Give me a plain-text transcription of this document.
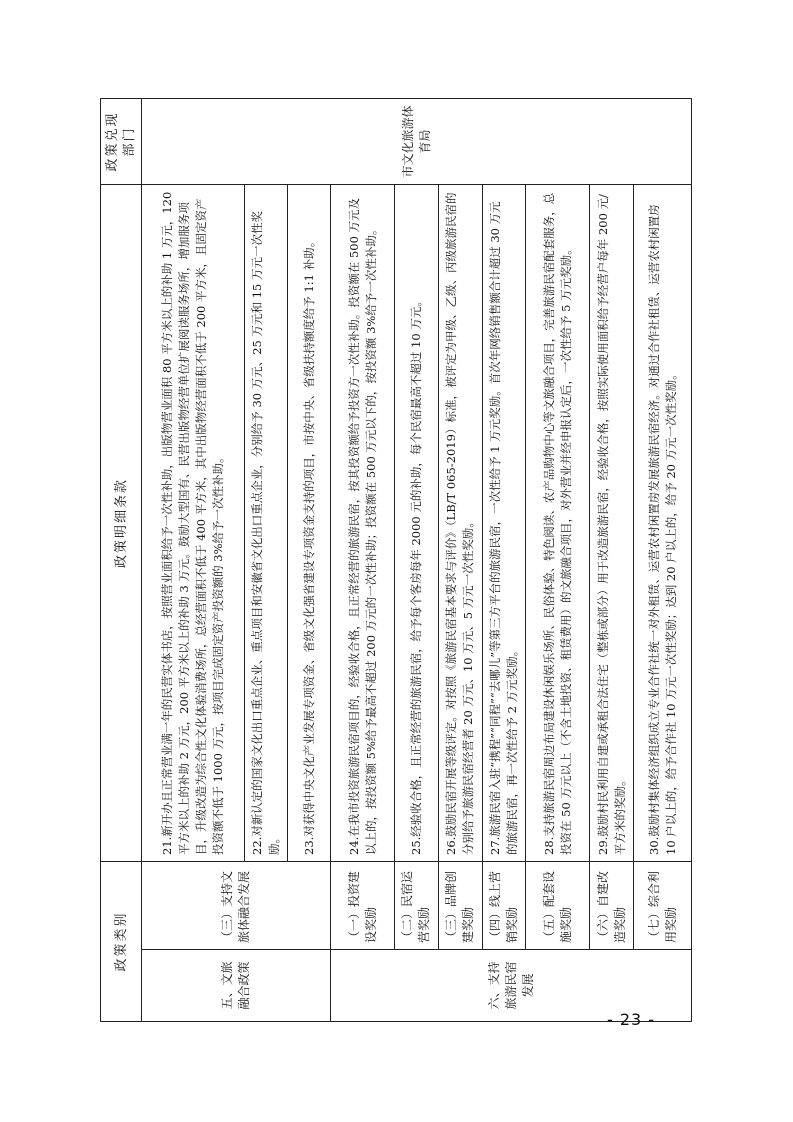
政策类别		政策明细条款	政策兑现部门
五、文旅融合政策	（三）支持文旅体融合发展	21.新开办且正常营业满一年的民营实体书店，按照营业面积给予一次性补助，出版物营业面积 80 平方米以上的补助 1 万元，120 平方米以上的补助 2 万元，200 平方米以上的补助 3 万元。鼓励大型国有、民营出版物经营单位扩展阅读服务场所，增加服务项目，升级改造为综合性文化体验消费场所，总经营面积不低于 400 平方米，其中出版物经营面积不低于 200 平方米，且固定资产投资额不低于 1000 万元，按项目完成固定资产投资额的 3%给予一次性补助。	市文化旅游体育局
		22.对新认定的国家文化出口重点企业、重点项目和安徽省文化出口重点企业，分别给予 30 万元、25 万元和 15 万元一次性奖励。	
		23.对获得中央文化产业发展专项资金、省级文化强省建设专项资金支持的项目，市按中央、省级扶持额度给予 1:1 补助。	
六、支持旅游民宿发展	（一）投资建设奖励	24.在我市投资旅游民宿项目的，经验收合格，且正常经营的旅游民宿，按其投资额给予投资方一次性补助。投资额在 500 万元及以上的，按投资额 5%给予最高不超过 200 万元的一次性补助；投资额在 500 万元以下的，按投资额 3%给予一次性补助。	
	（二）民宿运营奖励	25.经验收合格，且正常经营的旅游民宿，给予每个客房每年 2000 元的补助，每个民宿最高不超过 10 万元。	
	（三）品牌创建奖励	26.鼓励民宿开展等级评定。对按照《旅游民宿基本要求与评价》（LB/T 065-2019）标准，被评定为甲级、乙级、丙级旅游民宿的分别给予旅游民宿经营者 20 万元、10 万元、5 万元一次性奖励。	
	（四）线上营销奖励	27.旅游民宿入驻“携程”“同程”“去哪儿”等第三方平台的旅游民宿，一次性给予 1 万元奖励。首次年网络销售额合计超过 30 万元的旅游民宿，再一次性给予 2 万元奖励。	
	（五）配套设施奖励	28.支持旅游民宿周边布局建设休闲娱乐场所、民俗体验、特色阅读、农产品购物中心等文旅融合项目，完善旅游民宿配套服务，总投资在 50 万元以上（不含土地投资、租赁费用）的文旅融合项目，对外营业并经申报认定后，一次性给予 5 万元奖励。	
	（六）自建改造奖励	29.鼓励村民利用自建或承租合法住宅（整栋或部分）用于改造旅游民宿，经验收合格，按照实际使用面积给予经营户每年 200 元/平方米的奖励。	
	（七）综合利用奖励	30.鼓励村集体经济组织成立专业合作社统一对外租赁、运营农村闲置房发展旅游民宿经济。对通过合作社租赁、运营农村闲置房 10 户以上的，给予合作社 10 万元一次性奖励；达到 20 户以上的，给予 20 万元一次性奖励。	
- 23 -
